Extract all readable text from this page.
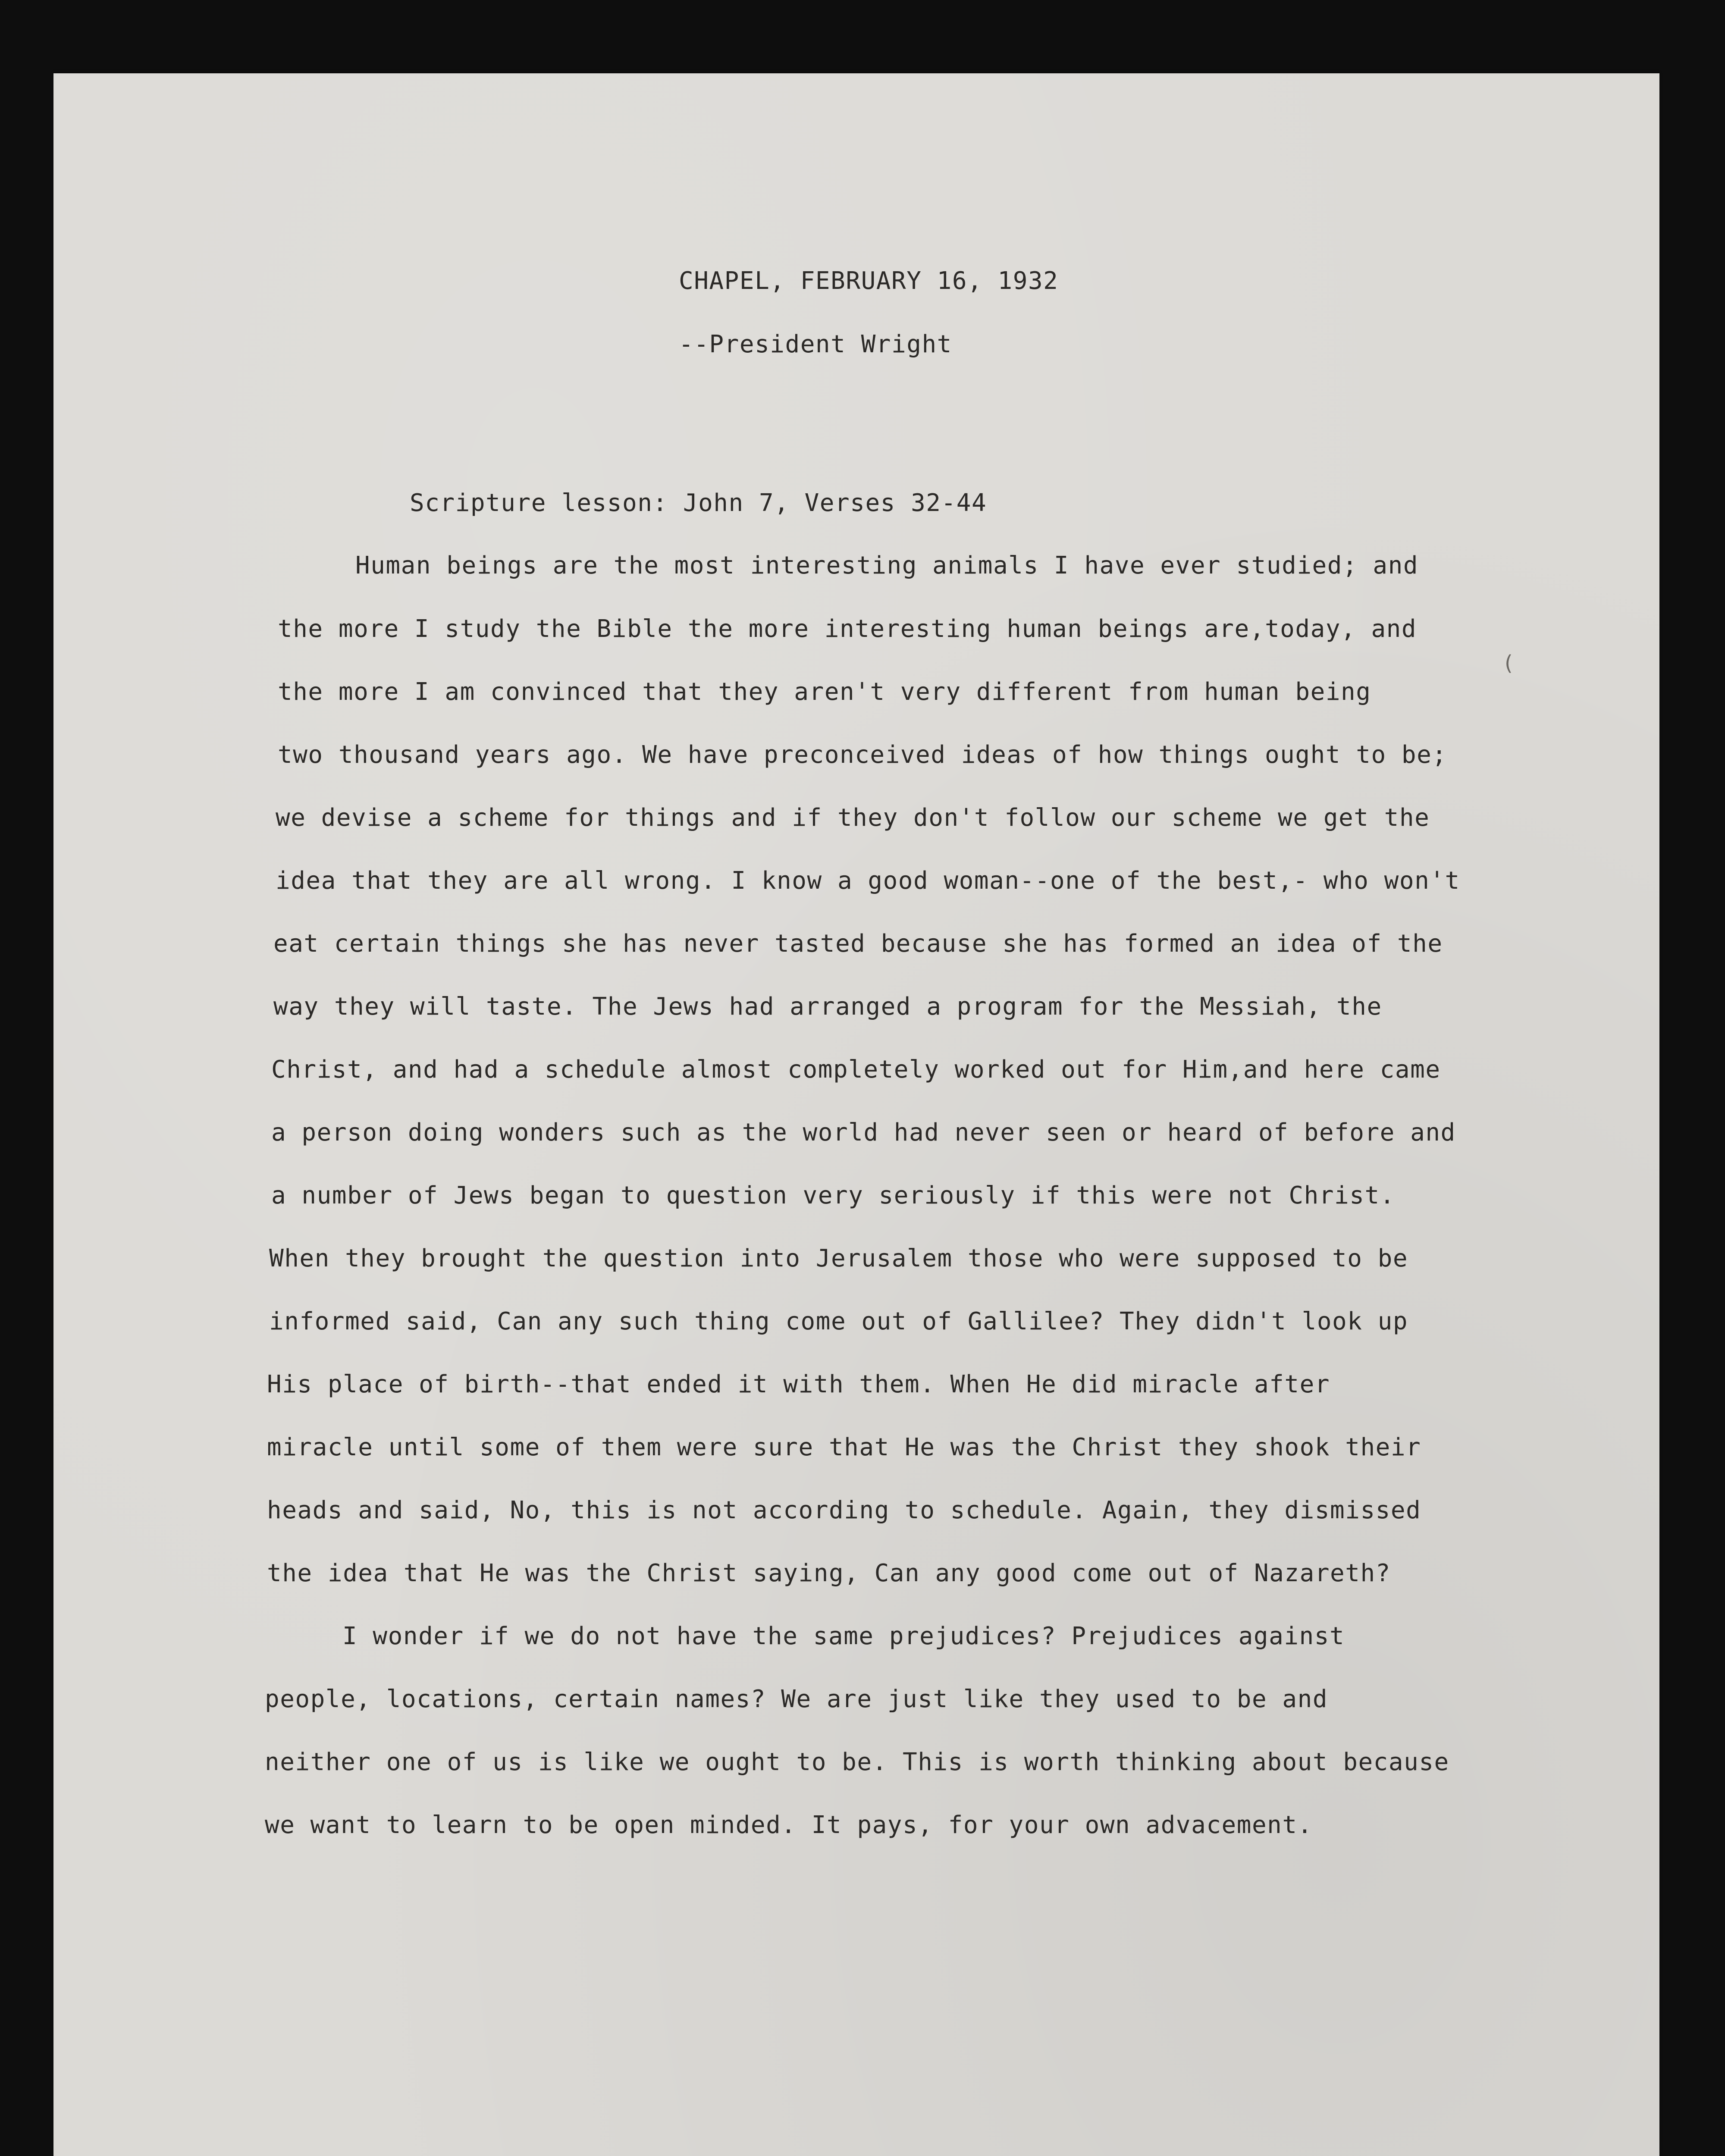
CHAPEL, FEBRUARY 16, 1932

--President Wright

Scripture lesson: John 7, Verses 32-44

Human beings are the most interesting animals I have ever studied; and

the more I study the Bible the more interesting human beings are,today, and

the more I am convinced that they aren't very different from human being

two thousand years ago. We have preconceived ideas of how things ought to be;

we devise a scheme for things and if they don't follow our scheme we get the

idea that they are all wrong. I know a good woman--one of the best,- who won't

eat certain things she has never tasted because she has formed an idea of the

way they will taste. The Jews had arranged a program for the Messiah, the

Christ, and had a schedule almost completely worked out for Him,and here came

a person doing wonders such as the world had never seen or heard of before and

a number of Jews began to question very seriously if this were not Christ.

When they brought the question into Jerusalem those who were supposed to be

informed said, Can any such thing come out of Gallilee? They didn't look up

His place of birth--that ended it with them. When He did miracle after

miracle until some of them were sure that He was the Christ they shook their

heads and said, No, this is not according to schedule. Again, they dismissed

the idea that He was the Christ saying, Can any good come out of Nazareth?

I wonder if we do not have the same prejudices? Prejudices against

people, locations, certain names? We are just like they used to be and

neither one of us is like we ought to be. This is worth thinking about because

we want to learn to be open minded. It pays, for your own advacement.

(
